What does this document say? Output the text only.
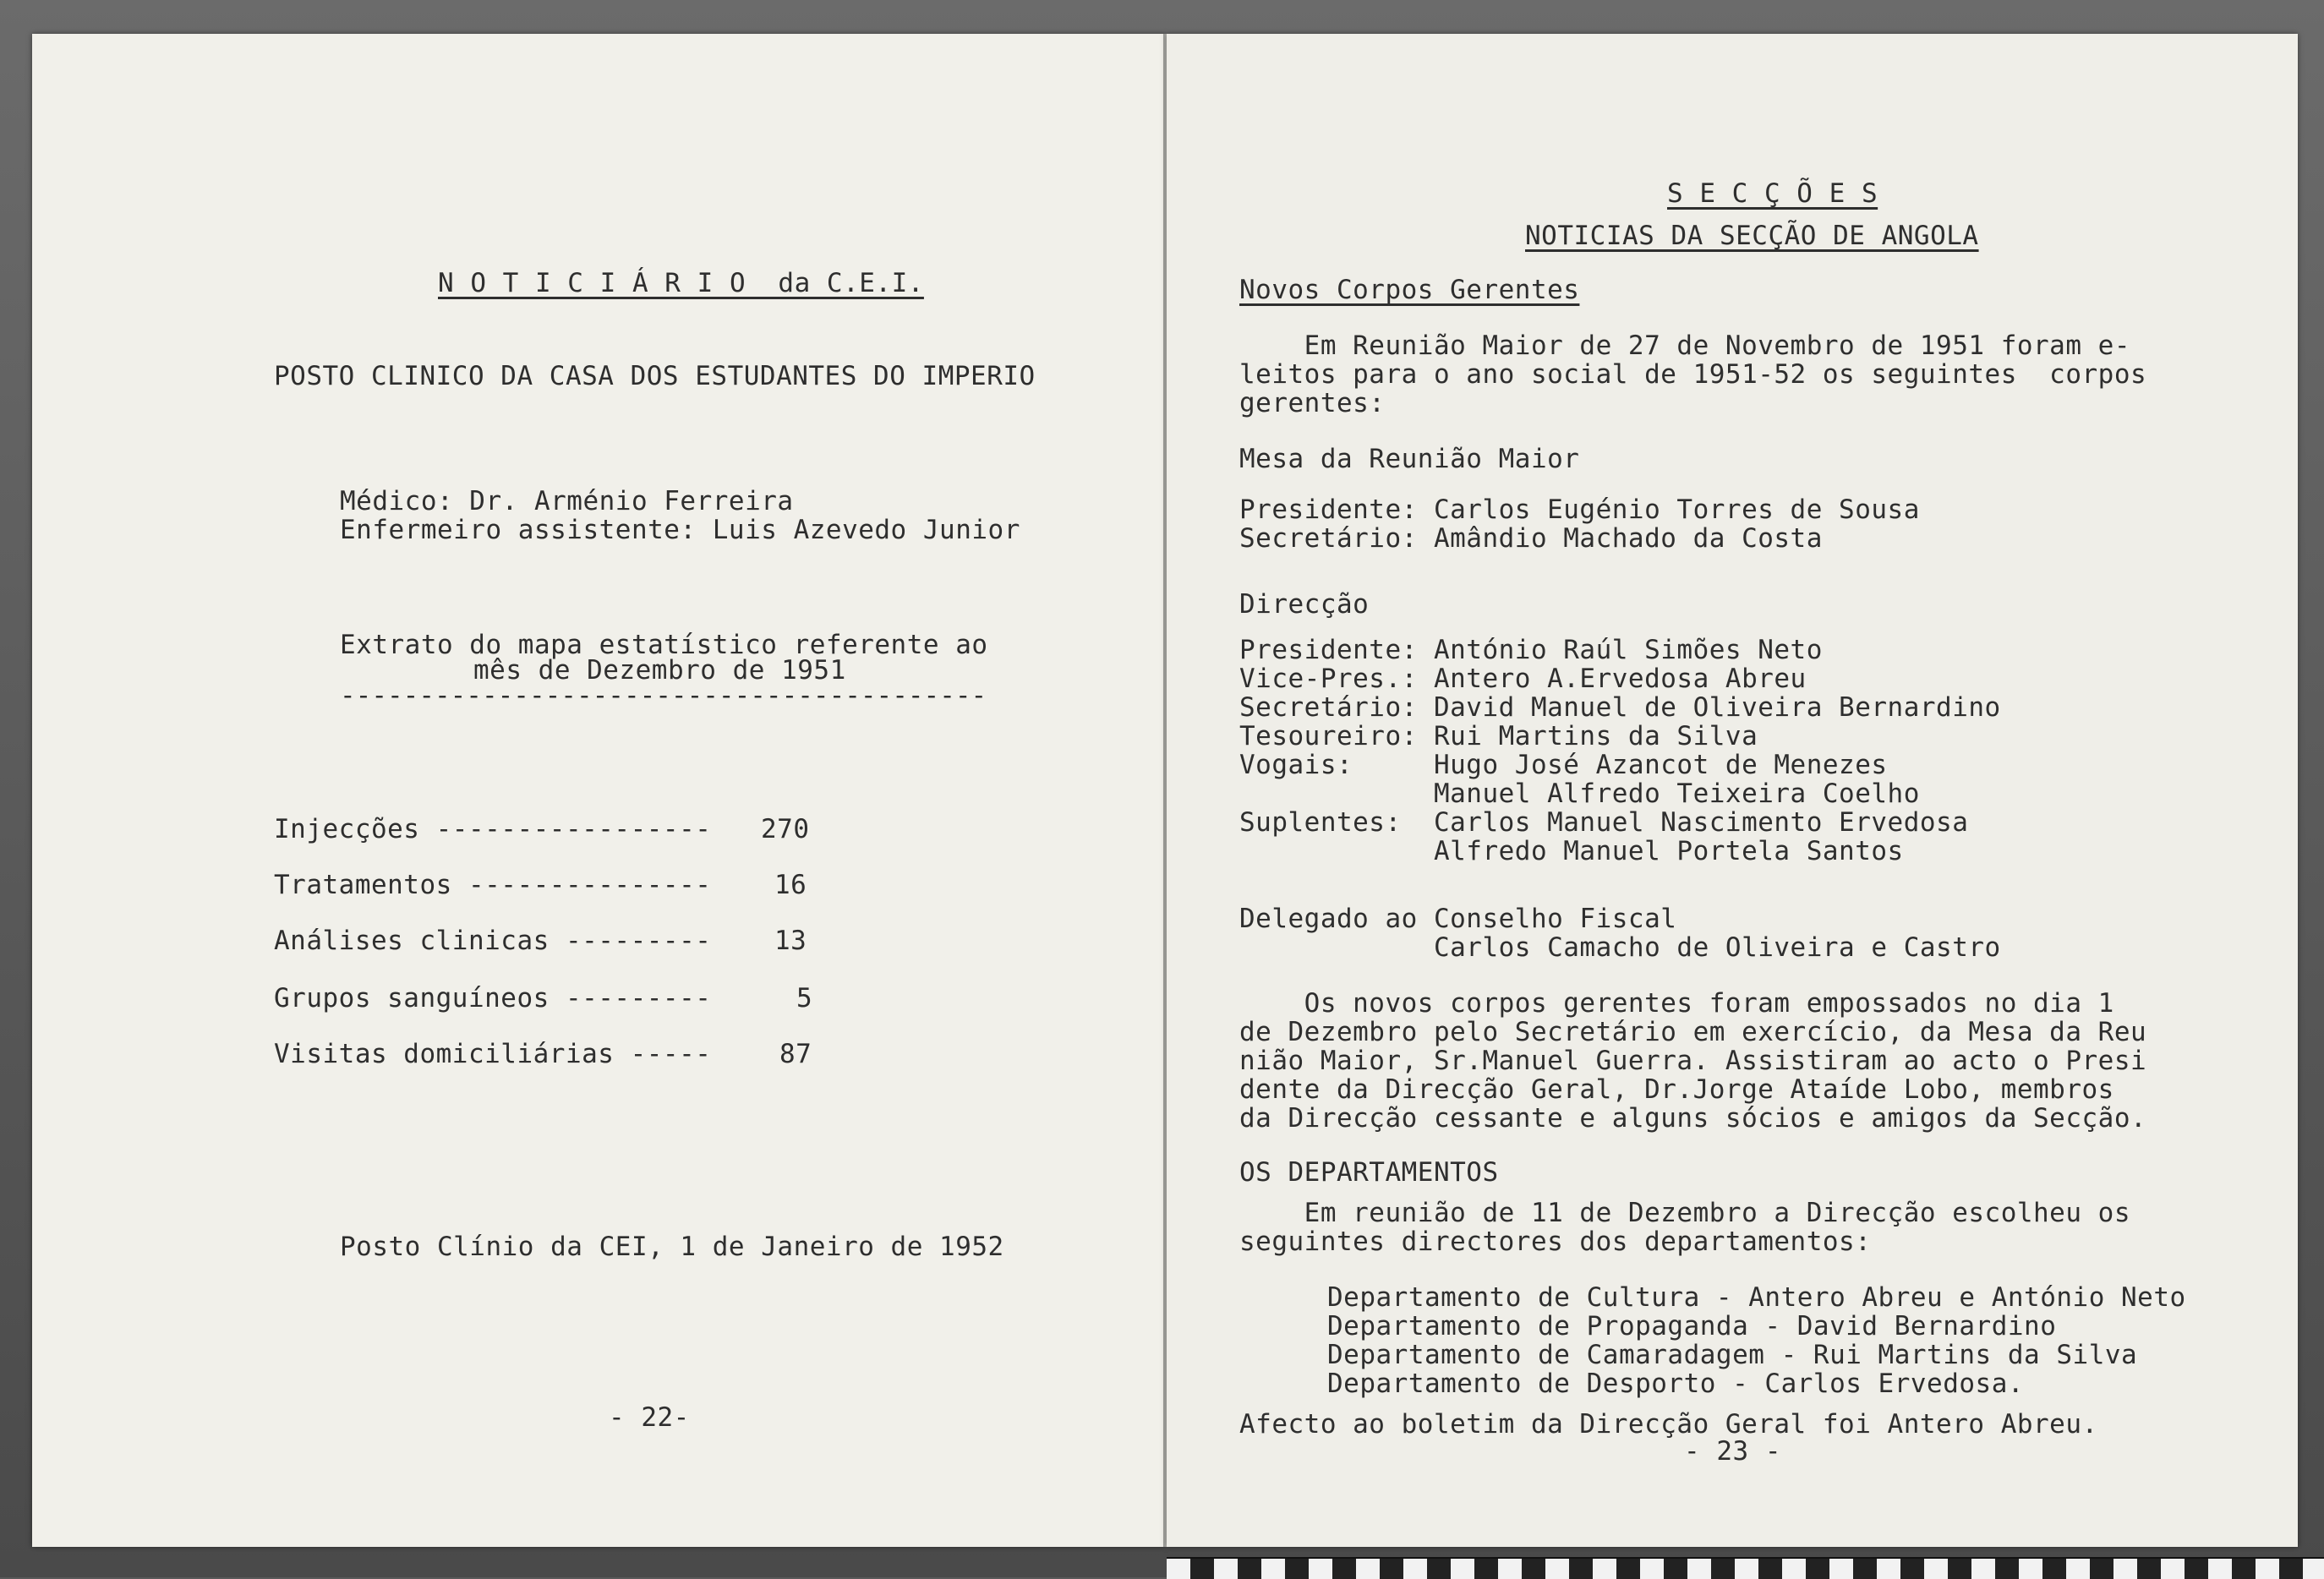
N O T I C I Á R I O  da C.E.I.
POSTO CLINICO DA CASA DOS ESTUDANTES DO IMPERIO
Médico: Dr. Arménio Ferreira
Enfermeiro assistente: Luis Azevedo Junior
Extrato do mapa estatístico referente ao
mês de Dezembro de 1951
-----------------------------------------
Injecções ----------------- 270
Tratamentos --------------- 16
Análises clinicas --------- 13
Grupos sanguíneos ---------	5
Visitas domiciliárias -----	87
Posto Clínio da CEI, 1 de Janeiro de 1952
- 22-
S E C Ç Õ E S
NOTICIAS DA SECÇÃO DE ANGOLA
Novos Corpos Gerentes
Em Reunião Maior de 27 de Novembro de 1951 foram e-
leitos para o ano social de 1951-52 os seguintes  corpos
gerentes:
Mesa da Reunião Maior
Presidente: Carlos Eugénio Torres de Sousa
Secretário: Amândio Machado da Costa
Direcção
Presidente: António Raúl Simões Neto
Vice-Pres.: Antero A.Ervedosa Abreu
Secretário: David Manuel de Oliveira Bernardino
Tesoureiro: Rui Martins da Silva
Vogais:     Hugo José Azancot de Menezes
Manuel Alfredo Teixeira Coelho
Suplentes:  Carlos Manuel Nascimento Ervedosa
Alfredo Manuel Portela Santos
Delegado ao Conselho Fiscal
Carlos Camacho de Oliveira e Castro
Os novos corpos gerentes foram empossados no dia 1
de Dezembro pelo Secretário em exercício, da Mesa da Reu
nião Maior, Sr.Manuel Guerra. Assistiram ao acto o Presi
dente da Direcção Geral, Dr.Jorge Ataíde Lobo, membros
da Direcção cessante e alguns sócios e amigos da Secção.
OS DEPARTAMENTOS
Em reunião de 11 de Dezembro a Direcção escolheu os
seguintes directores dos departamentos:
Departamento de Cultura - Antero Abreu e António Neto
Departamento de Propaganda - David Bernardino
Departamento de Camaradagem - Rui Martins da Silva
Departamento de Desporto - Carlos Ervedosa.
Afecto ao boletim da Direcção Geral foi Antero Abreu.
- 23 -
